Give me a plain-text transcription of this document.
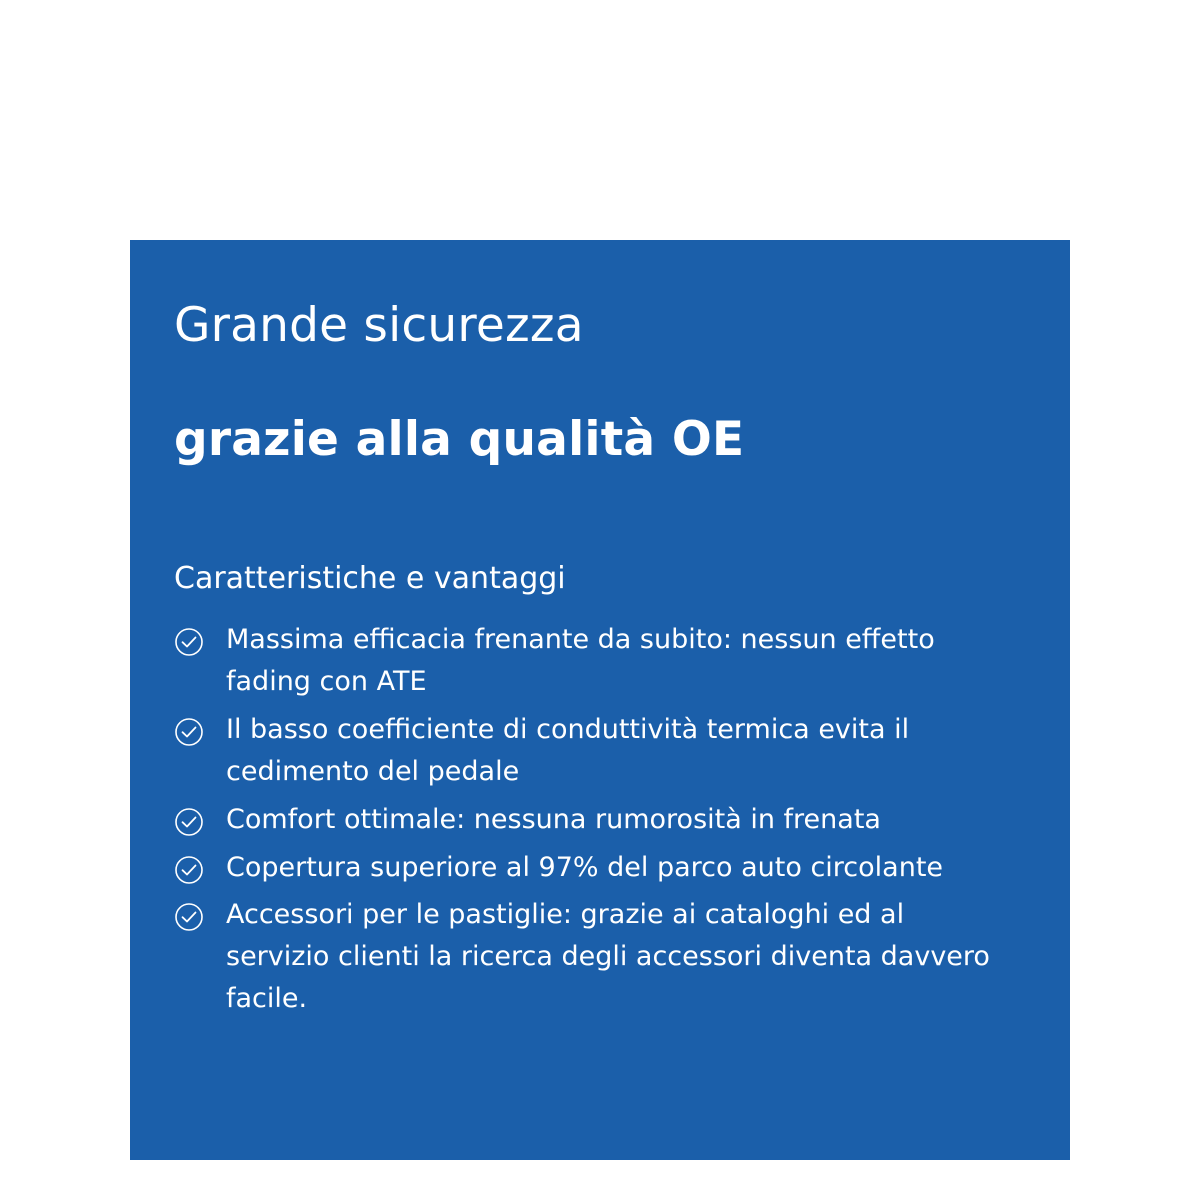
Grande sicurezza
grazie alla qualità OE
Caratteristiche e vantaggi
Massima efficacia frenante da subito: nessun effetto fading con ATE
Il basso coefficiente di conduttività termica evita il cedimento del pedale
Comfort ottimale: nessuna rumorosità in frenata
Copertura superiore al 97% del parco auto circolante
Accessori per le pastiglie: grazie ai cataloghi ed al servizio clienti la ricerca degli accessori diventa davvero facile.
